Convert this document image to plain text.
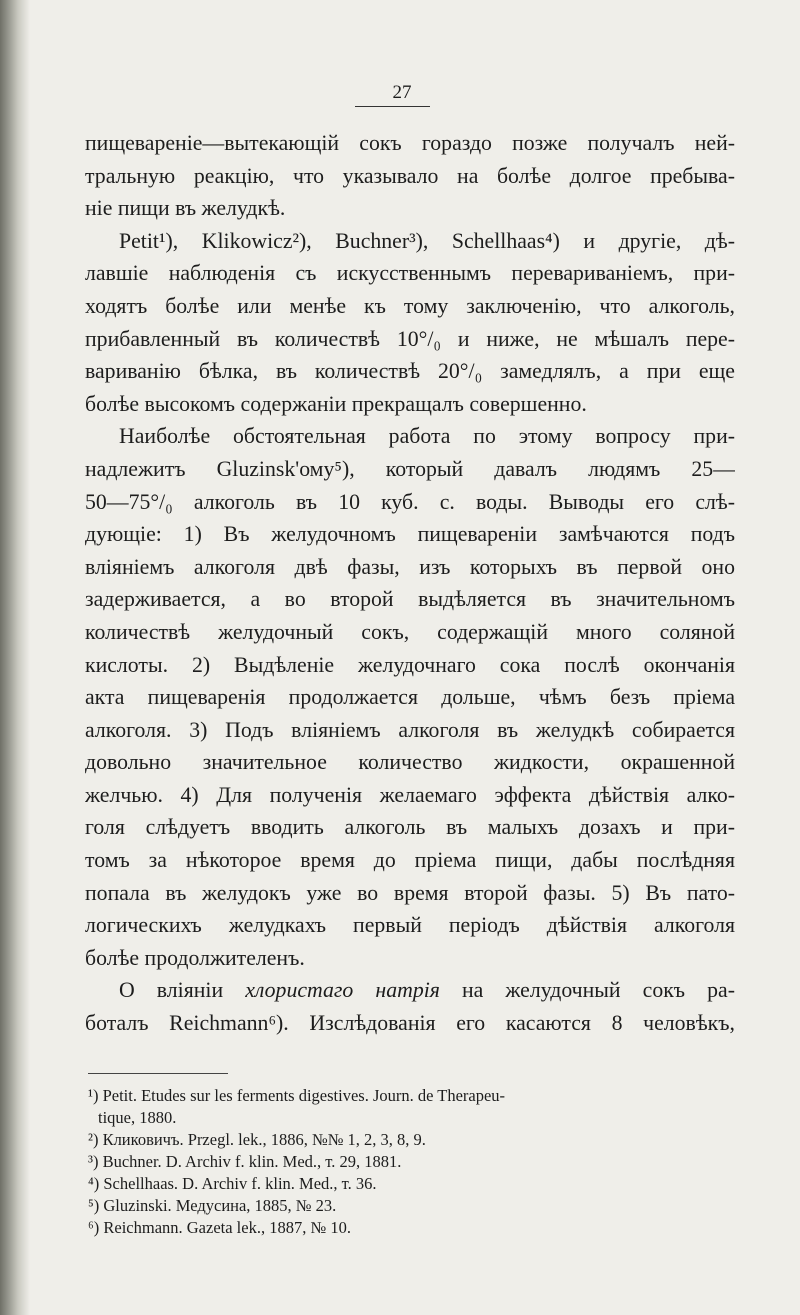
27
пищевареніе—вытекающій сокъ гораздо позже получалъ ней-
тральную реакцію, что указывало на болѣе долгое пребыва-
ніе пищи въ желудкѣ.
Petit¹), Klikowicz²), Buchner³), Schellhaas⁴) и другіе, дѣ-
лавшіе наблюденія съ искусственнымъ перевариваніемъ, при-
ходятъ болѣе или менѣе къ тому заключенію, что алкоголь,
прибавленный въ количествѣ 10°/₀ и ниже, не мѣшалъ пере-
вариванію бѣлка, въ количествѣ 20°/₀ замедлялъ, а при еще
болѣе высокомъ содержаніи прекращалъ совершенно.
Наиболѣе обстоятельная работа по этому вопросу при-
надлежитъ Gluzinsk'ому⁵), который давалъ людямъ 25—
50—75°/₀ алкоголь въ 10 куб. с. воды. Выводы его слѣ-
дующіе: 1) Въ желудочномъ пищевареніи замѣчаются подъ
вліяніемъ алкоголя двѣ фазы, изъ которыхъ въ первой оно
задерживается, а во второй выдѣляется въ значительномъ
количествѣ желудочный сокъ, содержащій много соляной
кислоты. 2) Выдѣленіе желудочнаго сока послѣ окончанія
акта пищеваренія продолжается дольше, чѣмъ безъ пріема
алкоголя. 3) Подъ вліяніемъ алкоголя въ желудкѣ собирается
довольно значительное количество жидкости, окрашенной
желчью. 4) Для полученія желаемаго эффекта дѣйствія алко-
голя слѣдуетъ вводить алкоголь въ малыхъ дозахъ и при-
томъ за нѣкоторое время до пріема пищи, дабы послѣдняя
попала въ желудокъ уже во время второй фазы. 5) Въ пато-
логическихъ желудкахъ первый періодъ дѣйствія алкоголя
болѣе продолжителенъ.
О вліяніи хлористаго натрія на желудочный сокъ ра-
боталъ Reichmann⁶). Изслѣдованія его касаются 8 человѣкъ,
¹) Petit. Etudes sur les ferments digestives. Journ. de Therapeu-
tique, 1880.
²) Кликовичъ. Przegl. lek., 1886, №№ 1, 2, 3, 8, 9.
³) Buchner. D. Archiv f. klin. Med., т. 29, 1881.
⁴) Schellhaas. D. Archiv f. klin. Med., т. 36.
⁵) Gluzinski. Медусина, 1885, № 23.
⁶) Reichmann. Gazeta lek., 1887, № 10.
